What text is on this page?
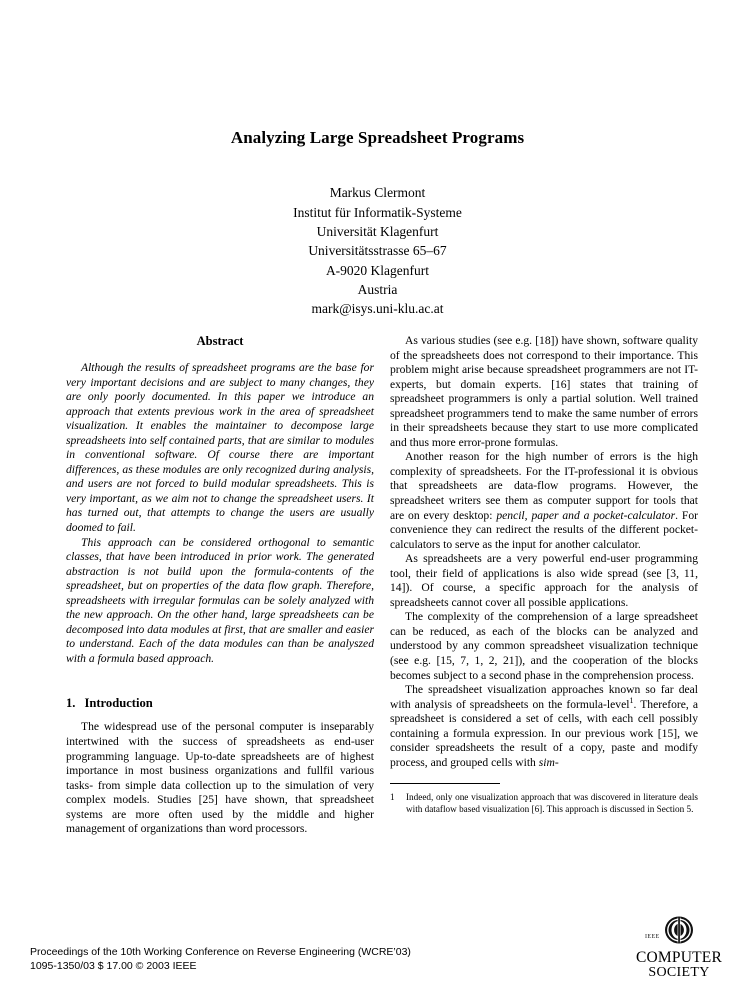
Analyzing Large Spreadsheet Programs
Markus Clermont
Institut für Informatik-Systeme
Universität Klagenfurt
Universitätsstrasse 65–67
A-9020 Klagenfurt
Austria
mark@isys.uni-klu.ac.at
Abstract

Although the results of spreadsheet programs are the base for very important decisions and are subject to many changes, they are only poorly documented. In this paper we introduce an approach that extents previous work in the area of spreadsheet visualization. It enables the maintainer to decompose large spreadsheets into self contained parts, that are similar to modules in conventional software. Of course there are important differences, as these modules are only recognized during analysis, and users are not forced to build modular spreadsheets. This is very important, as we aim not to change the spreadsheet users. It has turned out, that attempts to change the users are usually doomed to fail.

This approach can be considered orthogonal to semantic classes, that have been introduced in prior work. The generated abstraction is not build upon the formula-contents of the spreadsheet, but on properties of the data flow graph. Therefore, spreadsheets with irregular formulas can be solely analyzed with the new approach. On the other hand, large spreadsheets can be decomposed into data modules at first, that are smaller and easier to understand. Each of the data modules can than be analyszed with a formula based approach.

1. Introduction

The widespread use of the personal computer is inseparably intertwined with the success of spreadsheets as end-user programming language. Up-to-date spreadsheets are of highest importance in most business organizations and fullfil various tasks- from simple data collection up to the simulation of very complex models. Studies [25] have shown, that spreadsheet systems are more often used by the middle and higher management of organizations than word processors.

As various studies (see e.g. [18]) have shown, software quality of the spreadsheets does not correspond to their importance. This problem might arise because spreadsheet programmers are not IT-experts, but domain experts. [16] states that training of spreadsheet programmers is only a partial solution. Well trained spreadsheet programmers tend to make the same number of errors in their spreadsheets because they start to use more complicated and thus more error-prone formulas.

Another reason for the high number of errors is the high complexity of spreadsheets. For the IT-professional it is obvious that spreadsheets are data-flow programs. However, the spreadsheet writers see them as computer support for tools that are on every desktop: pencil, paper and a pocket-calculator. For convenience they can redirect the results of the different pocket-calculators to serve as the input for another calculator.

As spreadsheets are a very powerful end-user programming tool, their field of applications is also wide spread (see [3, 11, 14]). Of course, a specific approach for the analysis of spreadsheets cannot cover all possible applications.

The complexity of the comprehension of a large spreadsheet can be reduced, as each of the blocks can be analyzed and understood by any common spreadsheet visualization technique (see e.g. [15, 7, 1, 2, 21]), and the cooperation of the blocks becomes subject to a second phase in the comprehension process.

The spreadsheet visualization approaches known so far deal with analysis of spreadsheets on the formula-level$^1$. Therefore, a spreadsheet is considered a set of cells, with each cell possibly containing a formula expression. In our previous work [15], we consider spreadsheets the result of a copy, paste and modify process, and grouped cells with sim-

1 Indeed, only one visualization approach that was discovered in literature deals with dataflow based visualization [6]. This approach is discussed in Section 5.
Proceedings of the 10th Working Conference on Reverse Engineering (WCRE’03)
1095-1350/03 $ 17.00 © 2003 IEEE
IEEE
COMPUTER
SOCIETY
